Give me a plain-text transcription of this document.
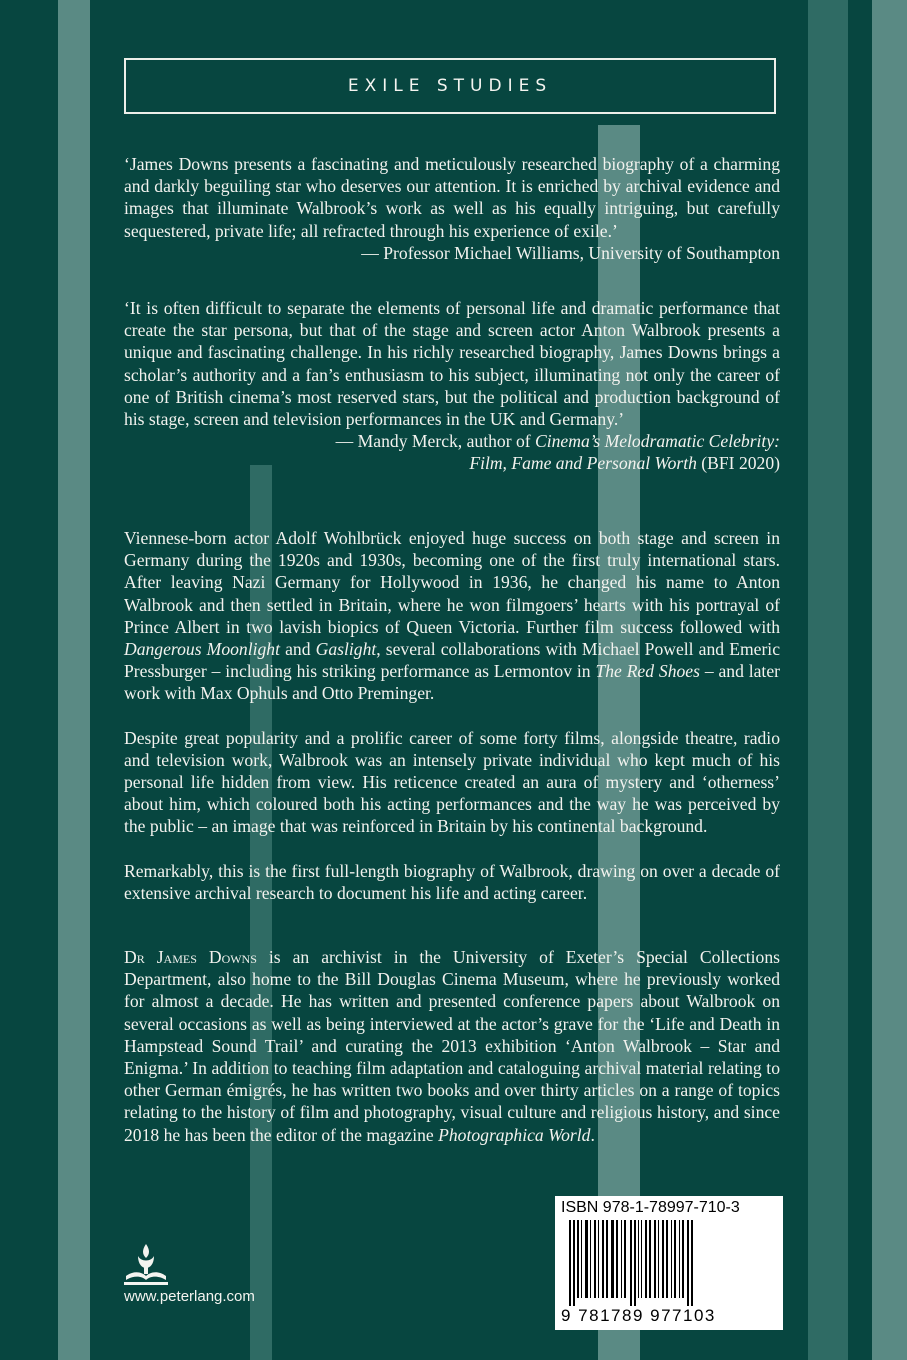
EXILE STUDIES

‘James Downs presents a fascinating and meticulously researched biography of a charming and darkly beguiling star who deserves our attention. It is enriched by archival evidence and images that illuminate Walbrook’s work as well as his equally intriguing, but carefully sequestered, private life; all refracted through his experience of exile.’

— Professor Michael Williams, University of Southampton

‘It is often difficult to separate the elements of personal life and dramatic performance that create the star persona, but that of the stage and screen actor Anton Walbrook presents a unique and fascinating challenge. In his richly researched biography, James Downs brings a scholar’s authority and a fan’s enthusiasm to his subject, illuminating not only the career of one of British cinema’s most reserved stars, but the political and production background of his stage, screen and television performances in the UK and Germany.’

— Mandy Merck, author of Cinema’s Melodramatic Celebrity:
Film, Fame and Personal Worth (BFI 2020)

Viennese-born actor Adolf Wohlbrück enjoyed huge success on both stage and screen in Germany during the 1920s and 1930s, becoming one of the first truly international stars. After leaving Nazi Germany for Hollywood in 1936, he changed his name to Anton Walbrook and then settled in Britain, where he won filmgoers’ hearts with his portrayal of Prince Albert in two lavish biopics of Queen Victoria. Further film success followed with Dangerous Moonlight and Gaslight, several collaborations with Michael Powell and Emeric Pressburger – including his striking performance as Lermontov in The Red Shoes – and later work with Max Ophuls and Otto Preminger.

Despite great popularity and a prolific career of some forty films, alongside theatre, radio and television work, Walbrook was an intensely private individual who kept much of his personal life hidden from view. His reticence created an aura of mystery and ‘otherness’ about him, which coloured both his acting performances and the way he was perceived by the public – an image that was reinforced in Britain by his continental background.

Remarkably, this is the first full-length biography of Walbrook, drawing on over a decade of extensive archival research to document his life and acting career.

Dr James Downs is an archivist in the University of Exeter’s Special Collections Department, also home to the Bill Douglas Cinema Museum, where he previously worked for almost a decade. He has written and presented conference papers about Walbrook on several occasions as well as being interviewed at the actor’s grave for the ‘Life and Death in Hampstead Sound Trail’ and curating the 2013 exhibition ‘Anton Walbrook – Star and Enigma.’ In addition to teaching film adaptation and cataloguing archival material relating to other German émigrés, he has written two books and over thirty articles on a range of topics relating to the history of film and photography, visual culture and religious history, and since 2018 he has been the editor of the magazine Photographica World.

ISBN 978-1-78997-710-3
9 781789 977103
www.peterlang.com
